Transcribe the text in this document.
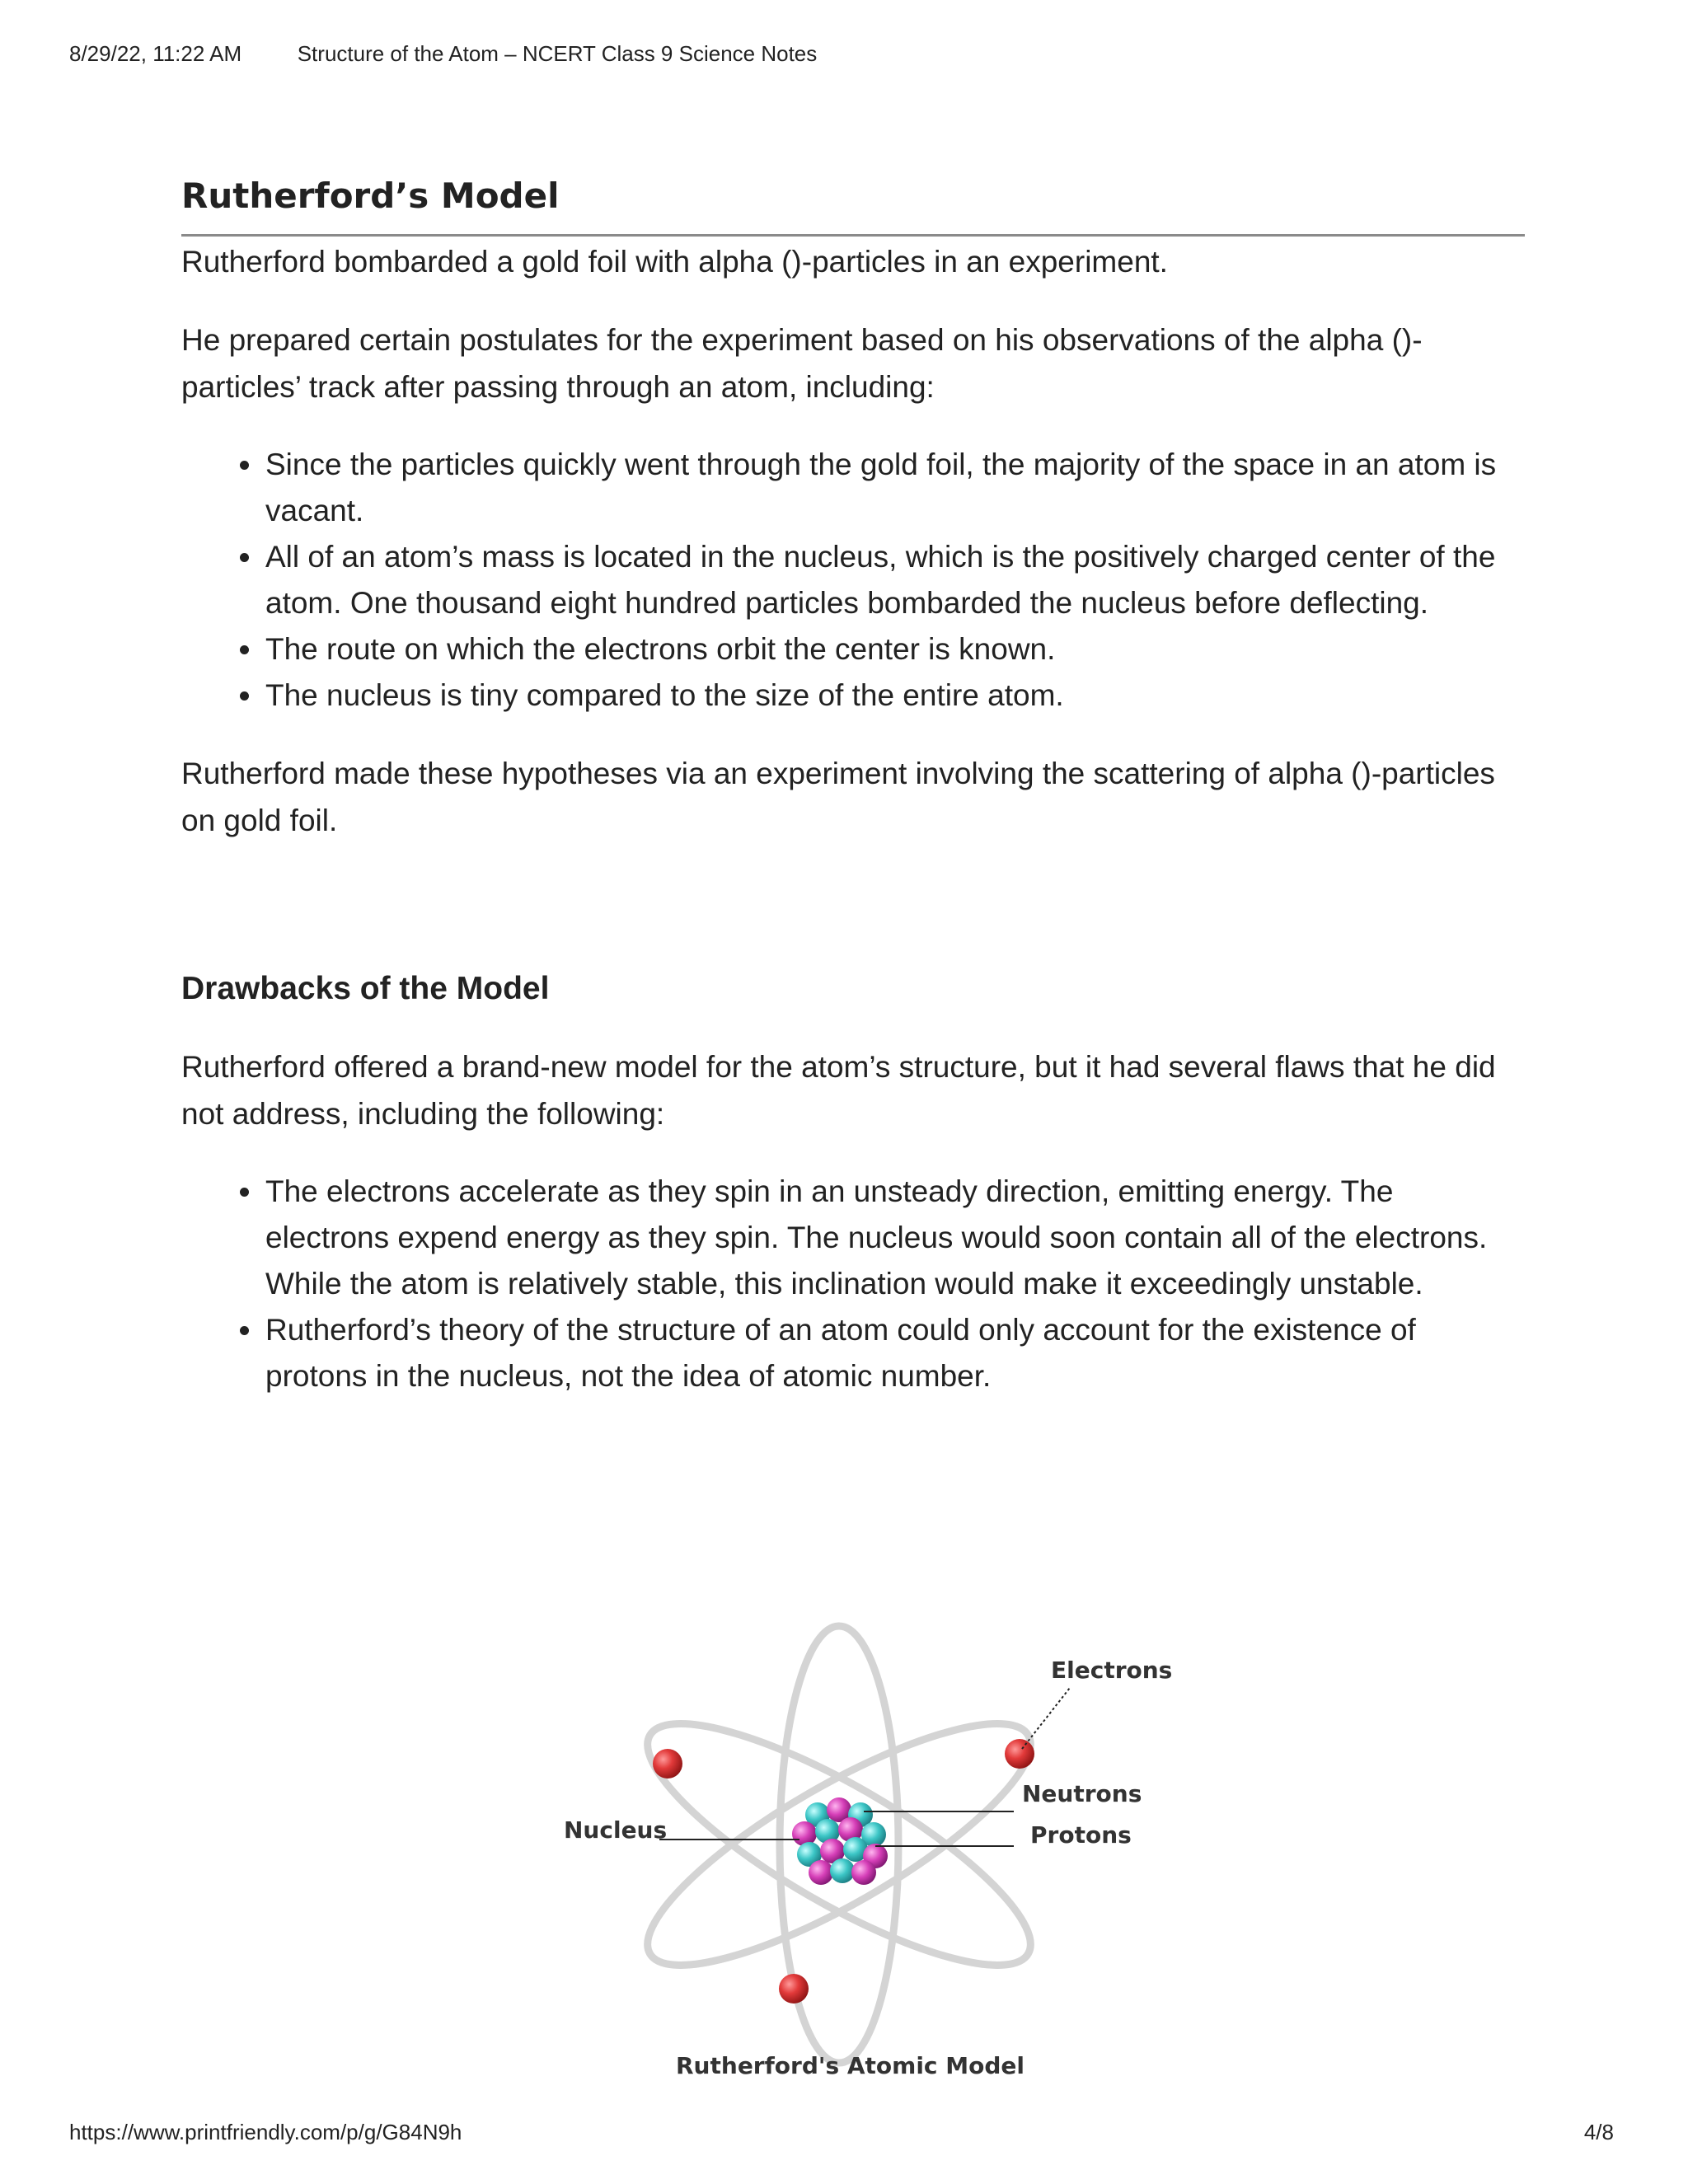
8/29/22, 11:22 AM	Structure of the Atom – NCERT Class 9 Science Notes
Rutherford’s Model

Rutherford bombarded a gold foil with alpha ()-particles in an experiment.

He prepared certain postulates for the experiment based on his observations of the alpha ()-particles’ track after passing through an atom, including:

• Since the particles quickly went through the gold foil, the majority of the space in an atom is vacant.
• All of an atom’s mass is located in the nucleus, which is the positively charged center of the atom. One thousand eight hundred particles bombarded the nucleus before deflecting.
• The route on which the electrons orbit the center is known.
• The nucleus is tiny compared to the size of the entire atom.

Rutherford made these hypotheses via an experiment involving the scattering of alpha ()-particles on gold foil.

Drawbacks of the Model

Rutherford offered a brand-new model for the atom’s structure, but it had several flaws that he did not address, including the following:

• The electrons accelerate as they spin in an unsteady direction, emitting energy. The electrons expend energy as they spin. The nucleus would soon contain all of the electrons. While the atom is relatively stable, this inclination would make it exceedingly unstable.
• Rutherford’s theory of the structure of an atom could only account for the existence of protons in the nucleus, not the idea of atomic number.
Electrons
Neutrons
Protons
Nucleus
Rutherford's Atomic Model
https://www.printfriendly.com/p/g/G84N9h	4/8
